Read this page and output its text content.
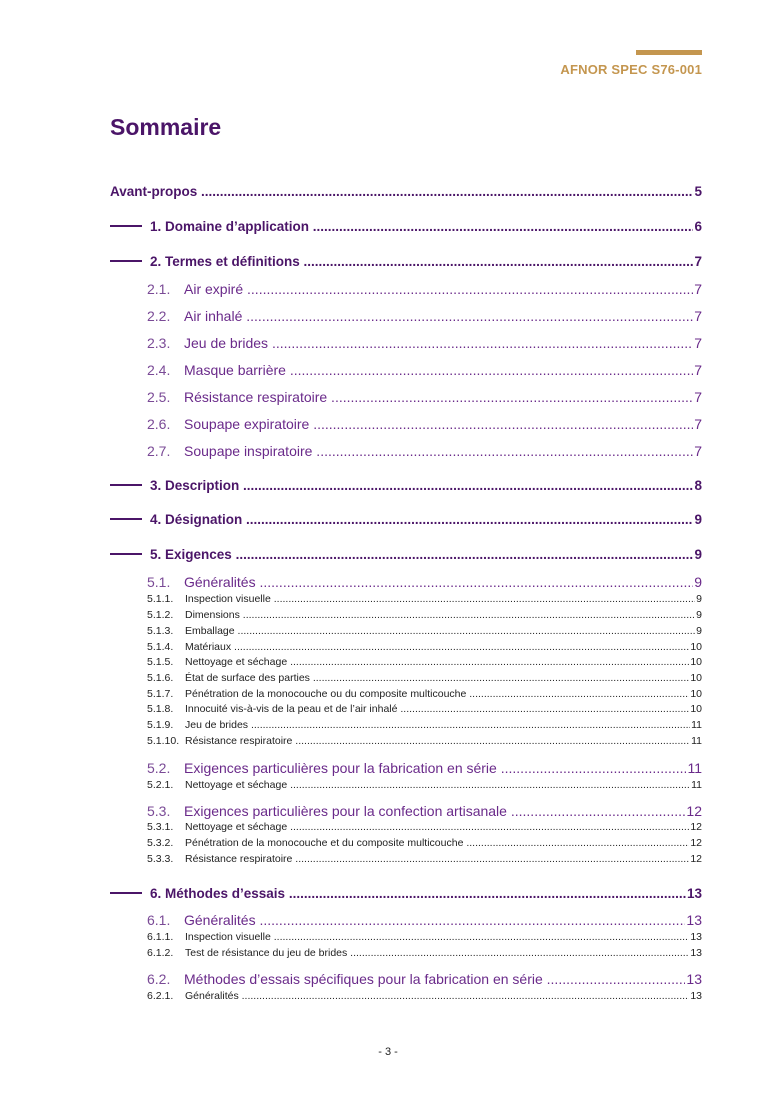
AFNOR SPEC S76-001
Sommaire
Avant-propos .....	5
1. Domaine d’application .....	6
2. Termes et définitions .....	7
2.1. Air expiré .....	7
2.2. Air inhalé .....	7
2.3. Jeu de brides .....	7
2.4. Masque barrière .....	7
2.5. Résistance respiratoire .....	7
2.6. Soupape expiratoire .....	7
2.7. Soupape inspiratoire .....	7
3. Description .....	8
4. Désignation .....	9
5. Exigences .....	9
5.1. Généralités .....	9
5.1.1. Inspection visuelle .....	9
5.1.2. Dimensions .....	9
5.1.3. Emballage .....	9
5.1.4. Matériaux .....	10
5.1.5. Nettoyage et séchage .....	10
5.1.6. État de surface des parties .....	10
5.1.7. Pénétration de la monocouche ou du composite multicouche .....	10
5.1.8. Innocuité vis-à-vis de la peau et de l’air inhalé .....	10
5.1.9. Jeu de brides .....	11
5.1.10. Résistance respiratoire .....	11
5.2. Exigences particulières pour la fabrication en série .....	11
5.2.1. Nettoyage et séchage .....	11
5.3. Exigences particulières pour la confection artisanale .....	12
5.3.1. Nettoyage et séchage .....	12
5.3.2. Pénétration de la monocouche et du composite multicouche .....	12
5.3.3. Résistance respiratoire .....	12
6. Méthodes d’essais .....	13
6.1. Généralités .....	13
6.1.1. Inspection visuelle .....	13
6.1.2. Test de résistance du jeu de brides .....	13
6.2. Méthodes d’essais spécifiques pour la fabrication en série .....	13
6.2.1. Généralités .....	13
- 3 -
